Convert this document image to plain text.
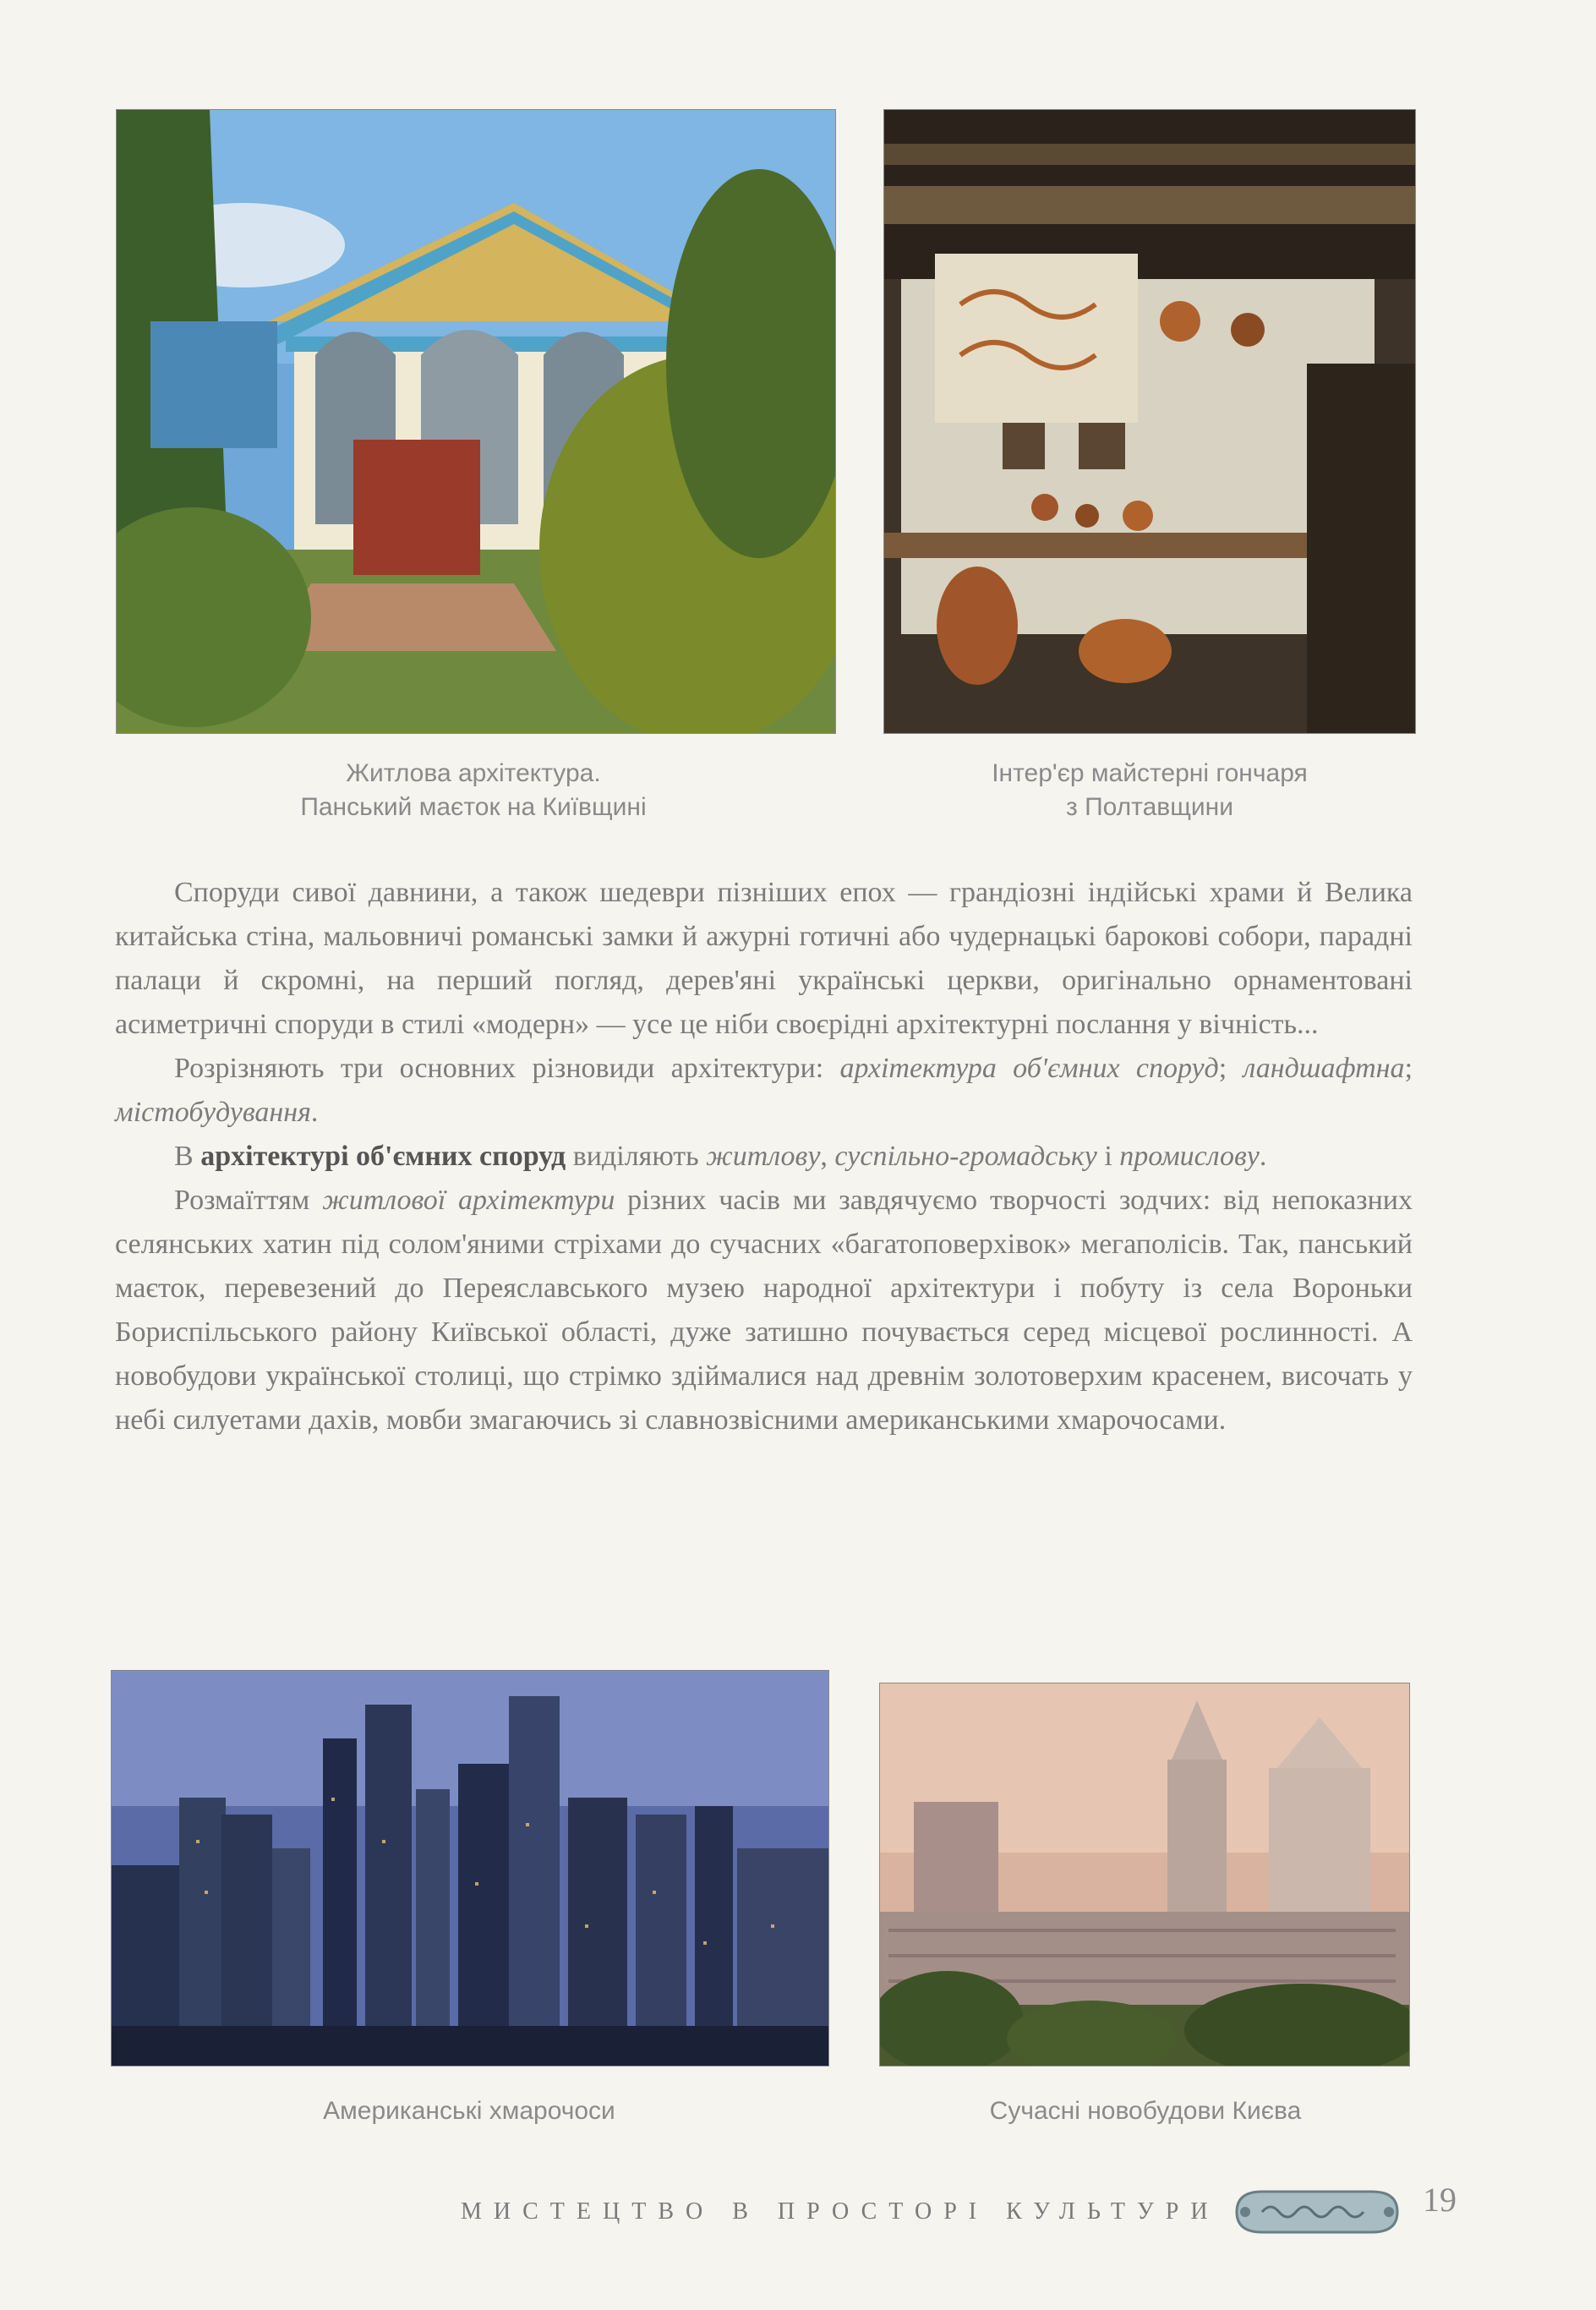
Житлова архітектура.
Панський маєток на Київщині
Інтер'єр майстерні гончаря
з Полтавщини

Споруди сивої давнини, а також шедеври пізніших епох — грандіозні індійські храми й Велика китайська стіна, мальовничі романські замки й ажурні готичні або чудернацькі барокові собори, парадні палаци й скромні, на перший погляд, дерев'яні українські церкви, оригінально орнаментовані асиметричні споруди в стилі «модерн» — усе це ніби своєрідні архітектурні послання у вічність...

Розрізняють три основних різновиди архітектури: архітектура об'ємних споруд; ландшафтна; містобудування.

В архітектурі об'ємних споруд виділяють житлову, суспільно-громадську і промислову.

Розмаїттям житлової архітектури різних часів ми завдячуємо творчості зодчих: від непоказних селянських хатин під солом'яними стріхами до сучасних «багатоповерхівок» мегаполісів. Так, панський маєток, перевезений до Переяславського музею народної архітектури і побуту із села Вороньки Бориспільського району Київської області, дуже затишно почувається серед місцевої рослинності. А новобудови української столиці, що стрімко здіймалися над древнім золотоверхим красенем, височать у небі силуетами дахів, мовби змагаючись зі славнозвісними американськими хмарочосами.

Американські хмарочоси	Сучасні новобудови Києва
МИСТЕЦТВО В ПРОСТОРІ КУЛЬТУРИ	19
